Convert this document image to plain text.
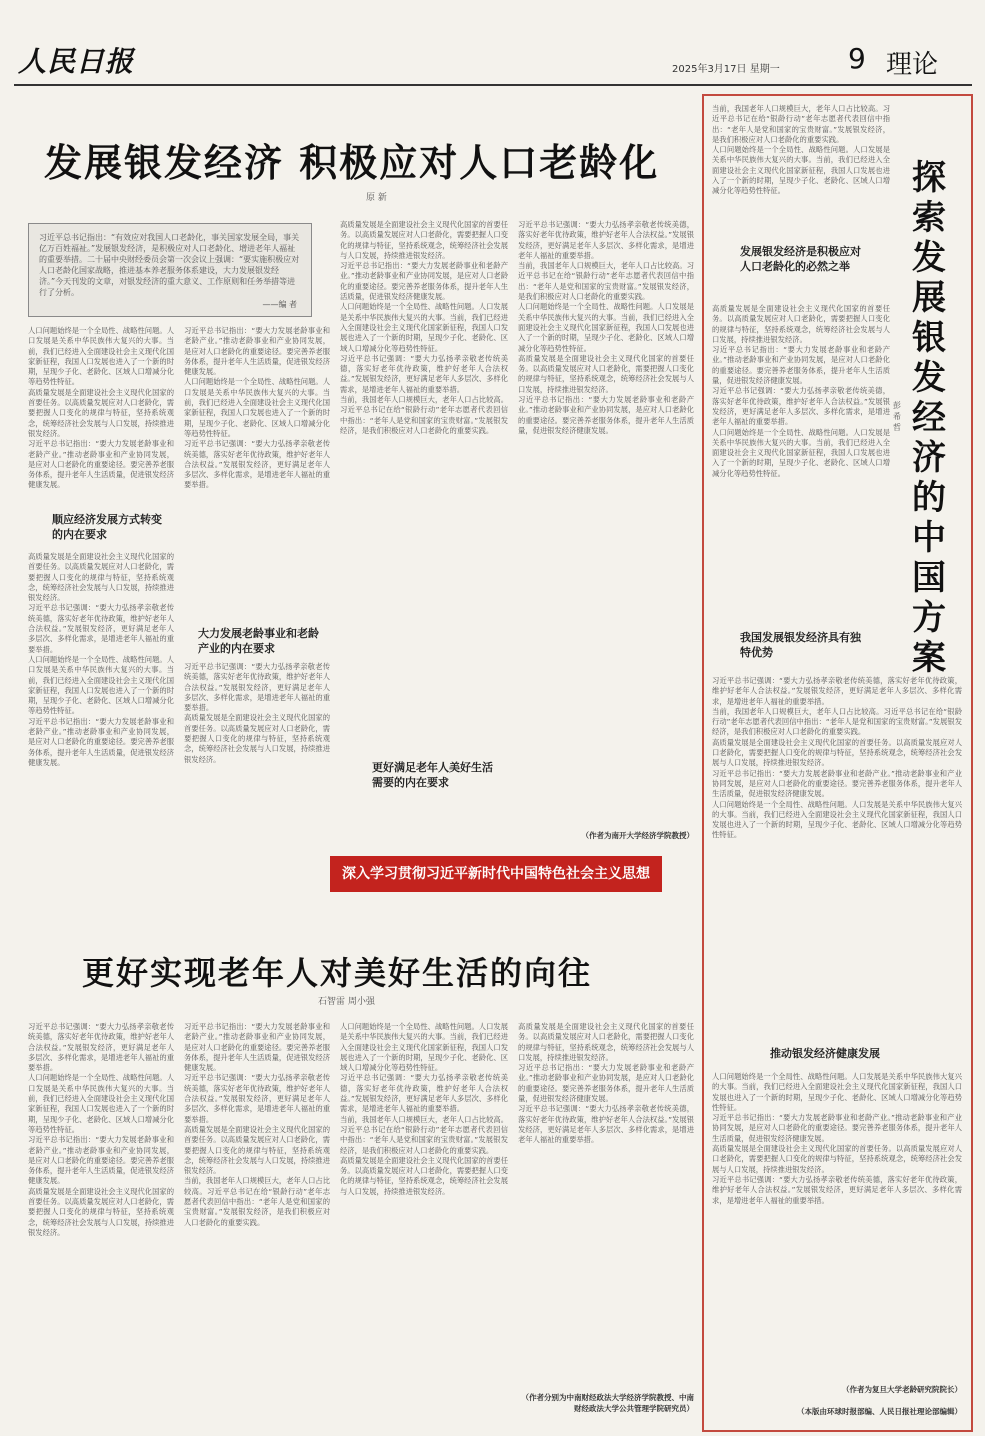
人民日报	2025年3月17日 星期一 9 理论
发展银发经济 积极应对人口老龄化
原 新
习近平总书记指出：“有效应对我国人口老龄化，事关国家发展全局，事关亿万百姓福祉。”发展银发经济，是积极应对人口老龄化、增进老年人福祉的重要举措。二十届中央财经委员会第一次会议上强调：“要实施积极应对人口老龄化国家战略，推进基本养老服务体系建设，大力发展银发经济。”今天刊发的文章，对银发经济的重大意义、工作原则和任务举措等进行了分析。
——编 者
人口问题始终是一个全局性、战略性问题。人口发展是关系中华民族伟大复兴的大事。当前，我们已经进入全面建设社会主义现代化国家新征程，我国人口发展也进入了一个新的时期，呈现少子化、老龄化、区域人口增减分化等趋势性特征。
高质量发展是全面建设社会主义现代化国家的首要任务。以高质量发展应对人口老龄化，需要把握人口变化的规律与特征，坚持系统观念，统筹经济社会发展与人口发展，持续推进银发经济。
习近平总书记指出：“要大力发展老龄事业和老龄产业。”推动老龄事业和产业协同发展，是应对人口老龄化的重要途径。要完善养老服务体系，提升老年人生活质量，促进银发经济健康发展。
顺应经济发展方式转变的内在要求
高质量发展是全面建设社会主义现代化国家的首要任务。以高质量发展应对人口老龄化，需要把握人口变化的规律与特征，坚持系统观念，统筹经济社会发展与人口发展，持续推进银发经济。
习近平总书记强调：“要大力弘扬孝亲敬老传统美德，落实好老年优待政策，维护好老年人合法权益。”发展银发经济，更好满足老年人多层次、多样化需求，是增进老年人福祉的重要举措。
人口问题始终是一个全局性、战略性问题。人口发展是关系中华民族伟大复兴的大事。当前，我们已经进入全面建设社会主义现代化国家新征程，我国人口发展也进入了一个新的时期，呈现少子化、老龄化、区域人口增减分化等趋势性特征。
习近平总书记指出：“要大力发展老龄事业和老龄产业。”推动老龄事业和产业协同发展，是应对人口老龄化的重要途径。要完善养老服务体系，提升老年人生活质量，促进银发经济健康发展。
习近平总书记指出：“要大力发展老龄事业和老龄产业。”推动老龄事业和产业协同发展，是应对人口老龄化的重要途径。要完善养老服务体系，提升老年人生活质量，促进银发经济健康发展。
人口问题始终是一个全局性、战略性问题。人口发展是关系中华民族伟大复兴的大事。当前，我们已经进入全面建设社会主义现代化国家新征程，我国人口发展也进入了一个新的时期，呈现少子化、老龄化、区域人口增减分化等趋势性特征。
习近平总书记强调：“要大力弘扬孝亲敬老传统美德，落实好老年优待政策，维护好老年人合法权益。”发展银发经济，更好满足老年人多层次、多样化需求，是增进老年人福祉的重要举措。
大力发展老龄事业和老龄产业的内在要求
习近平总书记强调：“要大力弘扬孝亲敬老传统美德，落实好老年优待政策，维护好老年人合法权益。”发展银发经济，更好满足老年人多层次、多样化需求，是增进老年人福祉的重要举措。
高质量发展是全面建设社会主义现代化国家的首要任务。以高质量发展应对人口老龄化，需要把握人口变化的规律与特征，坚持系统观念，统筹经济社会发展与人口发展，持续推进银发经济。
高质量发展是全面建设社会主义现代化国家的首要任务。以高质量发展应对人口老龄化，需要把握人口变化的规律与特征，坚持系统观念，统筹经济社会发展与人口发展，持续推进银发经济。
习近平总书记指出：“要大力发展老龄事业和老龄产业。”推动老龄事业和产业协同发展，是应对人口老龄化的重要途径。要完善养老服务体系，提升老年人生活质量，促进银发经济健康发展。
人口问题始终是一个全局性、战略性问题。人口发展是关系中华民族伟大复兴的大事。当前，我们已经进入全面建设社会主义现代化国家新征程，我国人口发展也进入了一个新的时期，呈现少子化、老龄化、区域人口增减分化等趋势性特征。
习近平总书记强调：“要大力弘扬孝亲敬老传统美德，落实好老年优待政策，维护好老年人合法权益。”发展银发经济，更好满足老年人多层次、多样化需求，是增进老年人福祉的重要举措。
当前，我国老年人口规模巨大，老年人口占比较高。习近平总书记在给“银龄行动”老年志愿者代表回信中指出：“老年人是党和国家的宝贵财富。”发展银发经济，是我们积极应对人口老龄化的重要实践。
更好满足老年人美好生活需要的内在要求
习近平总书记强调：“要大力弘扬孝亲敬老传统美德，落实好老年优待政策，维护好老年人合法权益。”发展银发经济，更好满足老年人多层次、多样化需求，是增进老年人福祉的重要举措。
当前，我国老年人口规模巨大，老年人口占比较高。习近平总书记在给“银龄行动”老年志愿者代表回信中指出：“老年人是党和国家的宝贵财富。”发展银发经济，是我们积极应对人口老龄化的重要实践。
人口问题始终是一个全局性、战略性问题。人口发展是关系中华民族伟大复兴的大事。当前，我们已经进入全面建设社会主义现代化国家新征程，我国人口发展也进入了一个新的时期，呈现少子化、老龄化、区域人口增减分化等趋势性特征。
高质量发展是全面建设社会主义现代化国家的首要任务。以高质量发展应对人口老龄化，需要把握人口变化的规律与特征，坚持系统观念，统筹经济社会发展与人口发展，持续推进银发经济。
习近平总书记指出：“要大力发展老龄事业和老龄产业。”推动老龄事业和产业协同发展，是应对人口老龄化的重要途径。要完善养老服务体系，提升老年人生活质量，促进银发经济健康发展。
（作者为南开大学经济学院教授）
深入学习贯彻习近平新时代中国特色社会主义思想
更好实现老年人对美好生活的向往
石智雷 周小强
习近平总书记强调：“要大力弘扬孝亲敬老传统美德，落实好老年优待政策，维护好老年人合法权益。”发展银发经济，更好满足老年人多层次、多样化需求，是增进老年人福祉的重要举措。
人口问题始终是一个全局性、战略性问题。人口发展是关系中华民族伟大复兴的大事。当前，我们已经进入全面建设社会主义现代化国家新征程，我国人口发展也进入了一个新的时期，呈现少子化、老龄化、区域人口增减分化等趋势性特征。
习近平总书记指出：“要大力发展老龄事业和老龄产业。”推动老龄事业和产业协同发展，是应对人口老龄化的重要途径。要完善养老服务体系，提升老年人生活质量，促进银发经济健康发展。
高质量发展是全面建设社会主义现代化国家的首要任务。以高质量发展应对人口老龄化，需要把握人口变化的规律与特征，坚持系统观念，统筹经济社会发展与人口发展，持续推进银发经济。
习近平总书记指出：“要大力发展老龄事业和老龄产业。”推动老龄事业和产业协同发展，是应对人口老龄化的重要途径。要完善养老服务体系，提升老年人生活质量，促进银发经济健康发展。
习近平总书记强调：“要大力弘扬孝亲敬老传统美德，落实好老年优待政策，维护好老年人合法权益。”发展银发经济，更好满足老年人多层次、多样化需求，是增进老年人福祉的重要举措。
高质量发展是全面建设社会主义现代化国家的首要任务。以高质量发展应对人口老龄化，需要把握人口变化的规律与特征，坚持系统观念，统筹经济社会发展与人口发展，持续推进银发经济。
当前，我国老年人口规模巨大，老年人口占比较高。习近平总书记在给“银龄行动”老年志愿者代表回信中指出：“老年人是党和国家的宝贵财富。”发展银发经济，是我们积极应对人口老龄化的重要实践。
人口问题始终是一个全局性、战略性问题。人口发展是关系中华民族伟大复兴的大事。当前，我们已经进入全面建设社会主义现代化国家新征程，我国人口发展也进入了一个新的时期，呈现少子化、老龄化、区域人口增减分化等趋势性特征。
习近平总书记强调：“要大力弘扬孝亲敬老传统美德，落实好老年优待政策，维护好老年人合法权益。”发展银发经济，更好满足老年人多层次、多样化需求，是增进老年人福祉的重要举措。
当前，我国老年人口规模巨大，老年人口占比较高。习近平总书记在给“银龄行动”老年志愿者代表回信中指出：“老年人是党和国家的宝贵财富。”发展银发经济，是我们积极应对人口老龄化的重要实践。
高质量发展是全面建设社会主义现代化国家的首要任务。以高质量发展应对人口老龄化，需要把握人口变化的规律与特征，坚持系统观念，统筹经济社会发展与人口发展，持续推进银发经济。
高质量发展是全面建设社会主义现代化国家的首要任务。以高质量发展应对人口老龄化，需要把握人口变化的规律与特征，坚持系统观念，统筹经济社会发展与人口发展，持续推进银发经济。
习近平总书记指出：“要大力发展老龄事业和老龄产业。”推动老龄事业和产业协同发展，是应对人口老龄化的重要途径。要完善养老服务体系，提升老年人生活质量，促进银发经济健康发展。
习近平总书记强调：“要大力弘扬孝亲敬老传统美德，落实好老年优待政策，维护好老年人合法权益。”发展银发经济，更好满足老年人多层次、多样化需求，是增进老年人福祉的重要举措。
（作者分别为中南财经政法大学经济学院教授、中南财经政法大学公共管理学院研究员）
探索发展银发经济的中国方案
彭希哲
当前，我国老年人口规模巨大，老年人口占比较高。习近平总书记在给“银龄行动”老年志愿者代表回信中指出：“老年人是党和国家的宝贵财富。”发展银发经济，是我们积极应对人口老龄化的重要实践。
人口问题始终是一个全局性、战略性问题。人口发展是关系中华民族伟大复兴的大事。当前，我们已经进入全面建设社会主义现代化国家新征程，我国人口发展也进入了一个新的时期，呈现少子化、老龄化、区域人口增减分化等趋势性特征。
发展银发经济是积极应对人口老龄化的必然之举
高质量发展是全面建设社会主义现代化国家的首要任务。以高质量发展应对人口老龄化，需要把握人口变化的规律与特征，坚持系统观念，统筹经济社会发展与人口发展，持续推进银发经济。
习近平总书记指出：“要大力发展老龄事业和老龄产业。”推动老龄事业和产业协同发展，是应对人口老龄化的重要途径。要完善养老服务体系，提升老年人生活质量，促进银发经济健康发展。
习近平总书记强调：“要大力弘扬孝亲敬老传统美德，落实好老年优待政策，维护好老年人合法权益。”发展银发经济，更好满足老年人多层次、多样化需求，是增进老年人福祉的重要举措。
人口问题始终是一个全局性、战略性问题。人口发展是关系中华民族伟大复兴的大事。当前，我们已经进入全面建设社会主义现代化国家新征程，我国人口发展也进入了一个新的时期，呈现少子化、老龄化、区域人口增减分化等趋势性特征。
我国发展银发经济具有独特优势
习近平总书记强调：“要大力弘扬孝亲敬老传统美德，落实好老年优待政策，维护好老年人合法权益。”发展银发经济，更好满足老年人多层次、多样化需求，是增进老年人福祉的重要举措。
当前，我国老年人口规模巨大，老年人口占比较高。习近平总书记在给“银龄行动”老年志愿者代表回信中指出：“老年人是党和国家的宝贵财富。”发展银发经济，是我们积极应对人口老龄化的重要实践。
高质量发展是全面建设社会主义现代化国家的首要任务。以高质量发展应对人口老龄化，需要把握人口变化的规律与特征，坚持系统观念，统筹经济社会发展与人口发展，持续推进银发经济。
习近平总书记指出：“要大力发展老龄事业和老龄产业。”推动老龄事业和产业协同发展，是应对人口老龄化的重要途径。要完善养老服务体系，提升老年人生活质量，促进银发经济健康发展。
人口问题始终是一个全局性、战略性问题。人口发展是关系中华民族伟大复兴的大事。当前，我们已经进入全面建设社会主义现代化国家新征程，我国人口发展也进入了一个新的时期，呈现少子化、老龄化、区域人口增减分化等趋势性特征。
推动银发经济健康发展
人口问题始终是一个全局性、战略性问题。人口发展是关系中华民族伟大复兴的大事。当前，我们已经进入全面建设社会主义现代化国家新征程，我国人口发展也进入了一个新的时期，呈现少子化、老龄化、区域人口增减分化等趋势性特征。
习近平总书记指出：“要大力发展老龄事业和老龄产业。”推动老龄事业和产业协同发展，是应对人口老龄化的重要途径。要完善养老服务体系，提升老年人生活质量，促进银发经济健康发展。
高质量发展是全面建设社会主义现代化国家的首要任务。以高质量发展应对人口老龄化，需要把握人口变化的规律与特征，坚持系统观念，统筹经济社会发展与人口发展，持续推进银发经济。
习近平总书记强调：“要大力弘扬孝亲敬老传统美德，落实好老年优待政策，维护好老年人合法权益。”发展银发经济，更好满足老年人多层次、多样化需求，是增进老年人福祉的重要举措。
（作者为复旦大学老龄研究院院长）
（本版由环球时报部编、人民日报社理论部编辑）
